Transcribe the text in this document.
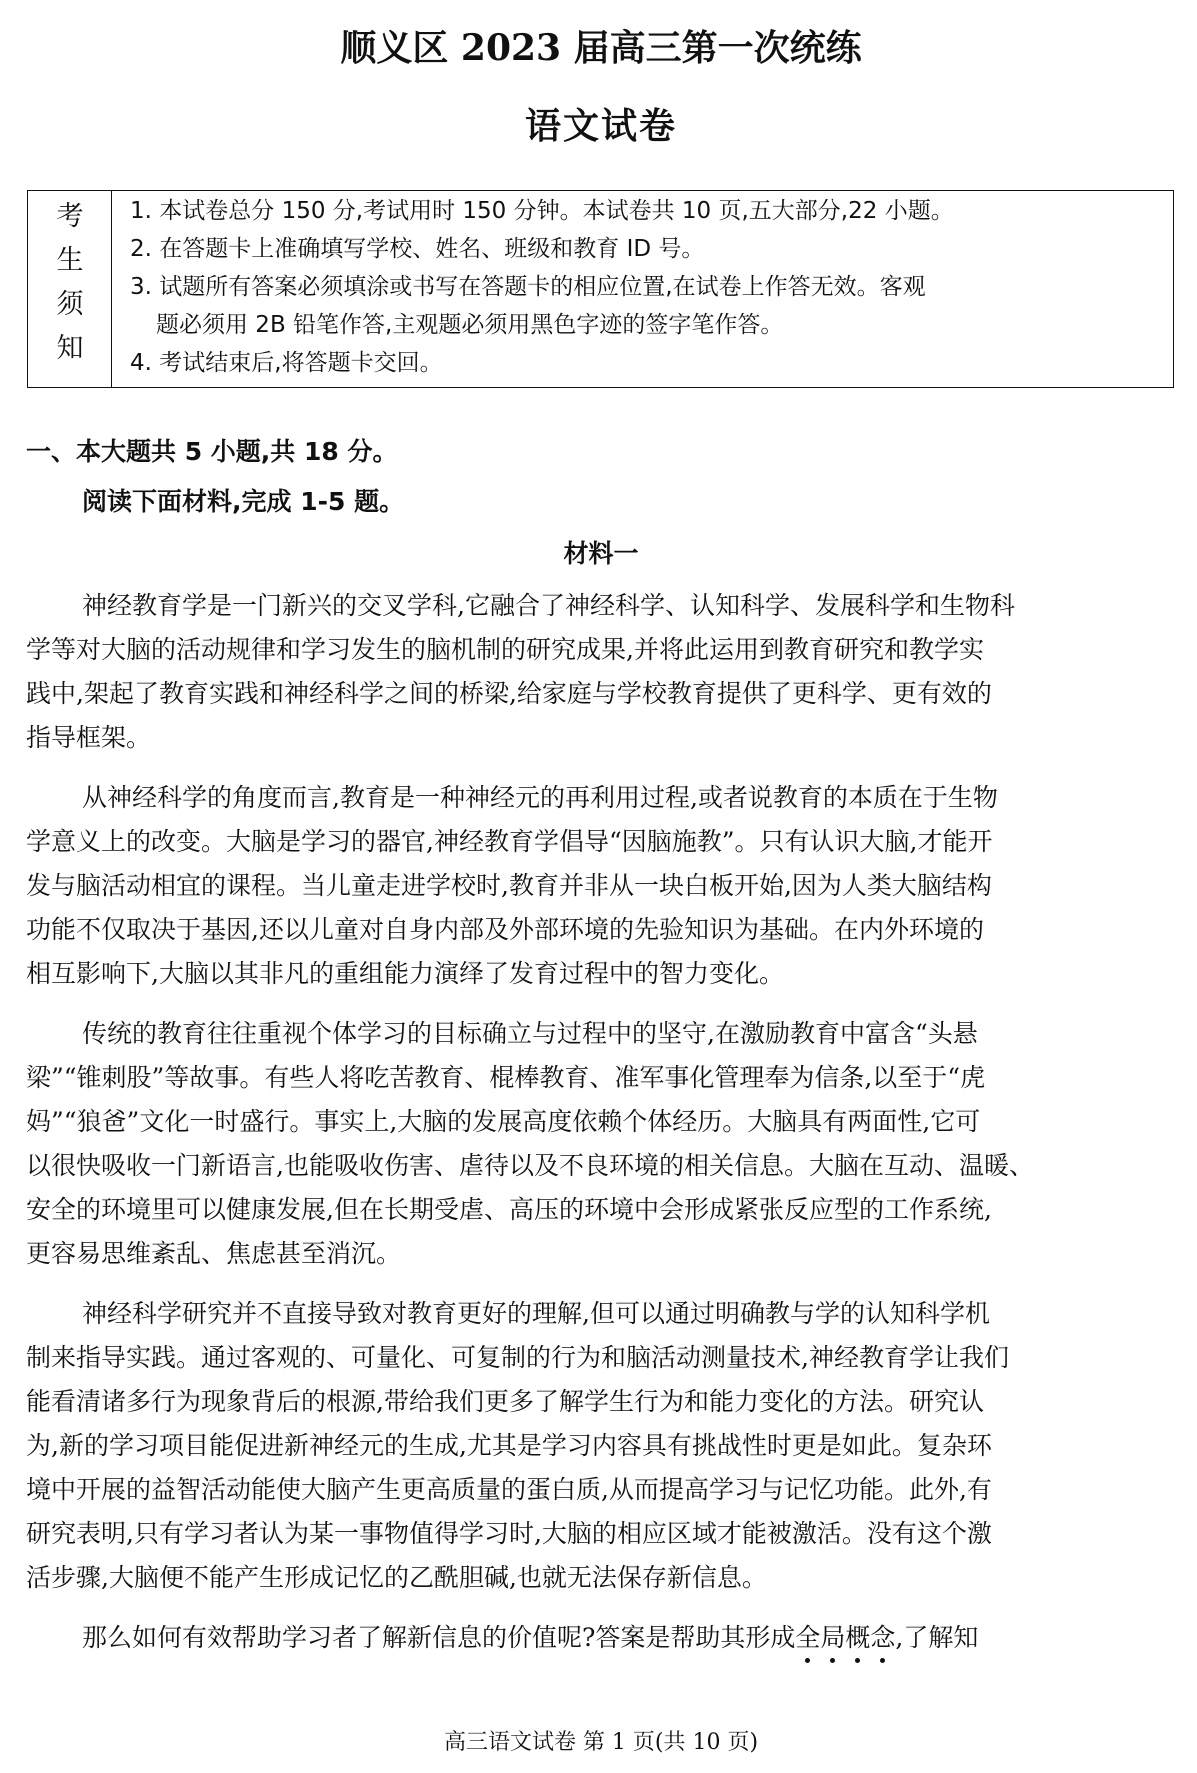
顺义区 2023 届高三第一次统练
语文试卷
考
生
须
知
1. 本试卷总分 150 分,考试用时 150 分钟。本试卷共 10 页,五大部分,22 小题。
2. 在答题卡上准确填写学校、姓名、班级和教育 ID 号。
3. 试题所有答案必须填涂或书写在答题卡的相应位置,在试卷上作答无效。客观
题必须用 2B 铅笔作答,主观题必须用黑色字迹的签字笔作答。
4. 考试结束后,将答题卡交回。
一、本大题共 5 小题,共 18 分。
阅读下面材料,完成 1-5 题。
材料一
神经教育学是一门新兴的交叉学科,它融合了神经科学、认知科学、发展科学和生物科
学等对大脑的活动规律和学习发生的脑机制的研究成果,并将此运用到教育研究和教学实
践中,架起了教育实践和神经科学之间的桥梁,给家庭与学校教育提供了更科学、更有效的
指导框架。
从神经科学的角度而言,教育是一种神经元的再利用过程,或者说教育的本质在于生物
学意义上的改变。大脑是学习的器官,神经教育学倡导“因脑施教”。只有认识大脑,才能开
发与脑活动相宜的课程。当儿童走进学校时,教育并非从一块白板开始,因为人类大脑结构
功能不仅取决于基因,还以儿童对自身内部及外部环境的先验知识为基础。在内外环境的
相互影响下,大脑以其非凡的重组能力演绎了发育过程中的智力变化。
传统的教育往往重视个体学习的目标确立与过程中的坚守,在激励教育中富含“头悬
梁”“锥刺股”等故事。有些人将吃苦教育、棍棒教育、准军事化管理奉为信条,以至于“虎
妈”“狼爸”文化一时盛行。事实上,大脑的发展高度依赖个体经历。大脑具有两面性,它可
以很快吸收一门新语言,也能吸收伤害、虐待以及不良环境的相关信息。大脑在互动、温暖、
安全的环境里可以健康发展,但在长期受虐、高压的环境中会形成紧张反应型的工作系统,
更容易思维紊乱、焦虑甚至消沉。
神经科学研究并不直接导致对教育更好的理解,但可以通过明确教与学的认知科学机
制来指导实践。通过客观的、可量化、可复制的行为和脑活动测量技术,神经教育学让我们
能看清诸多行为现象背后的根源,带给我们更多了解学生行为和能力变化的方法。研究认
为,新的学习项目能促进新神经元的生成,尤其是学习内容具有挑战性时更是如此。复杂环
境中开展的益智活动能使大脑产生更高质量的蛋白质,从而提高学习与记忆功能。此外,有
研究表明,只有学习者认为某一事物值得学习时,大脑的相应区域才能被激活。没有这个激
活步骤,大脑便不能产生形成记忆的乙酰胆碱,也就无法保存新信息。
那么如何有效帮助学习者了解新信息的价值呢?答案是帮助其形成全局概念
,了解知
高三语文试卷 第 1 页(共 10 页)
